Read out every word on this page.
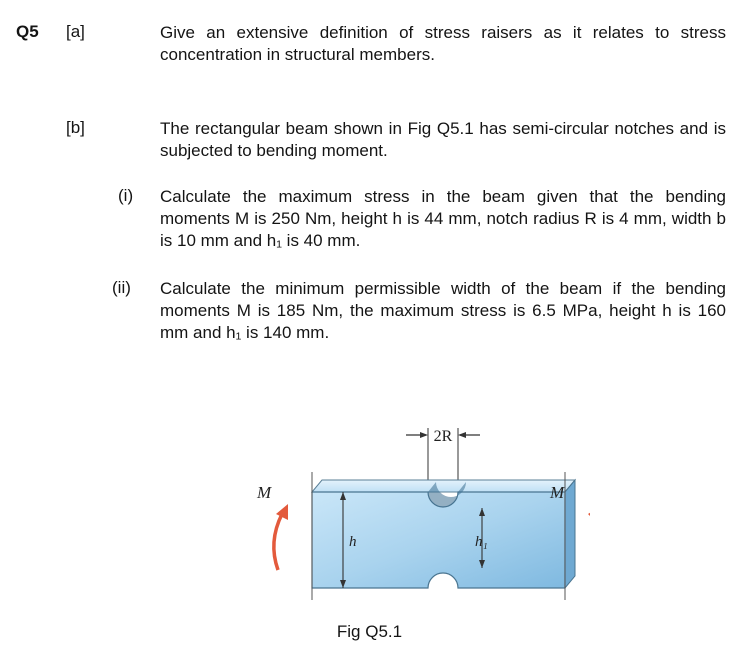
Q5 [a]	Give an extensive definition of stress raisers as it relates to stress concentration in structural members.
[b]	The rectangular beam shown in Fig Q5.1 has semi-circular notches and is subjected to bending moment.
(i) Calculate the maximum stress in the beam given that the bending moments M is 250 Nm, height h is 44 mm, notch radius R is 4 mm, width b is 10 mm and h₁ is 40 mm.
(ii) Calculate the minimum permissible width of the beam if the bending moments M is 185 Nm, the maximum stress is 6.5 MPa, height h is 160 mm and h₁ is 140 mm.
2R
h	h₁
M	M
Fig Q5.1
